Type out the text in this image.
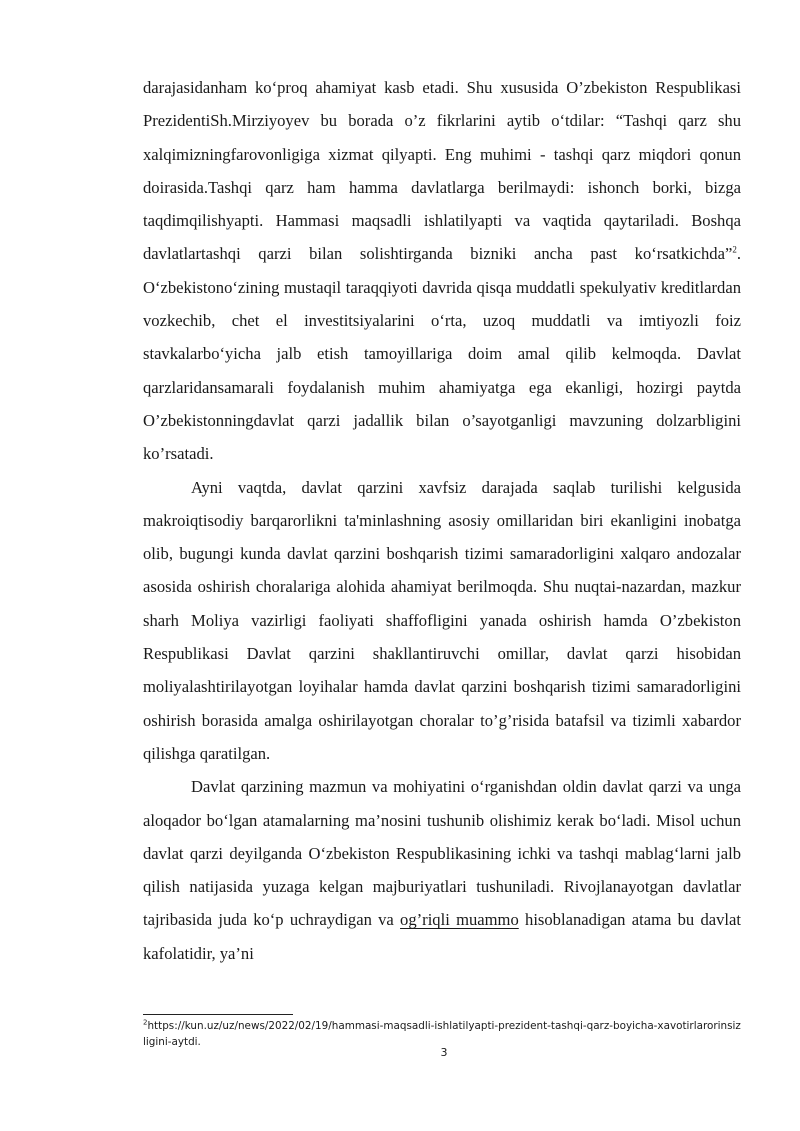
darajasidanham ko‘proq ahamiyat kasb etadi. Shu xususida O’zbekiston Respublikasi PrezidentiSh.Mirziyoyev bu borada o’z fikrlarini aytib o‘tdilar: “Tashqi qarz shu xalqimizningfarovonligiga xizmat qilyapti. Eng muhimi - tashqi qarz miqdori qonun doirasida.Tashqi qarz ham hamma davlatlarga berilmaydi: ishonch borki, bizga taqdimqilishyapti. Hammasi maqsadli ishlatilyapti va vaqtida qaytariladi. Boshqa davlatlartashqi qarzi bilan solishtirganda bizniki ancha past ko‘rsatkichda”$^2$. O‘zbekistono‘zining mustaqil taraqqiyoti davrida qisqa muddatli spekulyativ kreditlardan vozkechib, chet el investitsiyalarini o‘rta, uzoq muddatli va imtiyozli foiz stavkalarbo‘yicha jalb etish tamoyillariga doim amal qilib kelmoqda. Davlat qarzlaridansamarali foydalanish muhim ahamiyatga ega ekanligi, hozirgi paytda O’zbekistonningdavlat qarzi jadallik bilan o’sayotganligi mavzuning dolzarbligini ko’rsatadi.

Ayni vaqtda, davlat qarzini xavfsiz darajada saqlab turilishi kelgusida makroiqtisodiy barqarorlikni ta'minlashning asosiy omillaridan biri ekanligini inobatga olib, bugungi kunda davlat qarzini boshqarish tizimi samaradorligini xalqaro andozalar asosida oshirish choralariga alohida ahamiyat berilmoqda. Shu nuqtai-nazardan, mazkur sharh Moliya vazirligi faoliyati shaffofligini yanada oshirish hamda O’zbekiston Respublikasi Davlat qarzini shakllantiruvchi omillar, davlat qarzi hisobidan moliyalashtirilayotgan loyihalar hamda davlat qarzini boshqarish tizimi samaradorligini oshirish borasida amalga oshirilayotgan choralar to’g’risida batafsil va tizimli xabardor qilishga qaratilgan.

Davlat qarzining mazmun va mohiyatini o‘rganishdan oldin davlat qarzi va unga aloqador bo‘lgan atamalarning ma’nosini tushunib olishimiz kerak bo‘ladi. Misol uchun davlat qarzi deyilganda O‘zbekiston Respublikasining ichki va tashqi mablag‘larni jalb qilish natijasida yuzaga kelgan majburiyatlari tushuniladi. Rivojlanayotgan davlatlar tajribasida juda ko‘p uchraydigan va og’riqli muammo hisoblanadigan atama bu davlat kafolatidir, ya’ni

$^2$https://kun.uz/uz/news/2022/02/19/hammasi-maqsadli-ishlatilyapti-prezident-tashqi-qarz-boyicha-xavotirlarorinsizligini-aytdi.
3
